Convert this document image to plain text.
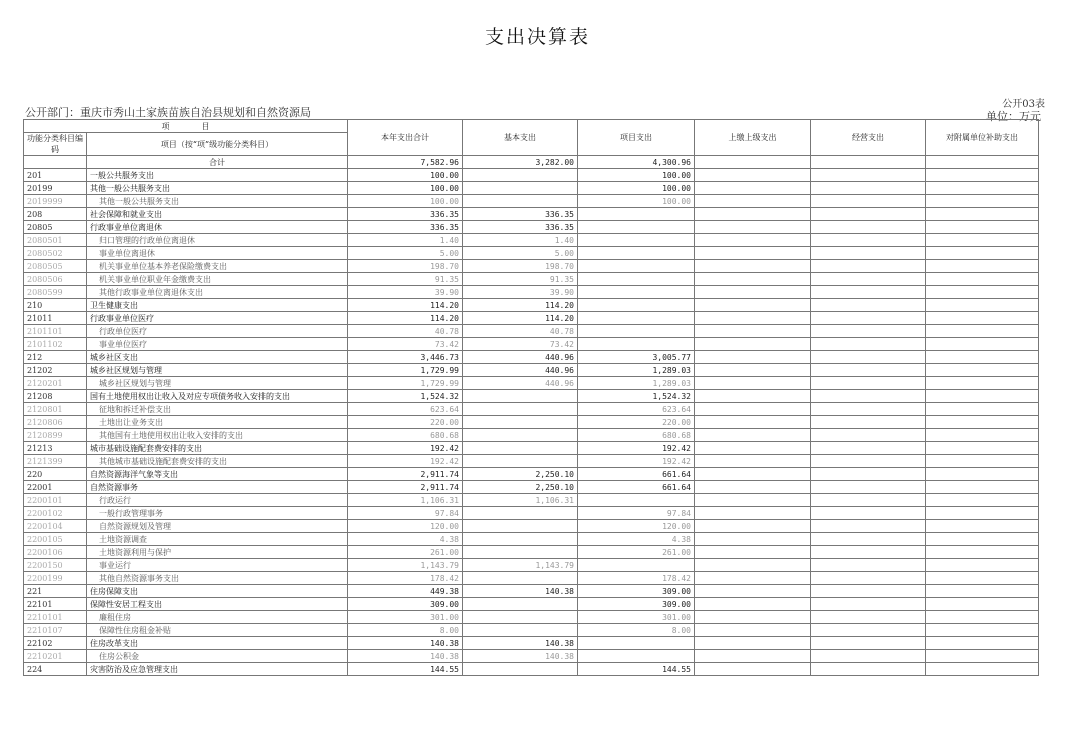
支出决算表
公开部门：重庆市秀山土家族苗族自治县规划和自然资源局
公开03表
单位：万元
项　　　　目		本年支出合计	基本支出	项目支出	上缴上级支出	经营支出	对附属单位补助支出
功能分类科目编码	项目（按“项”级功能分类科目）						
	合计	7,582.96	3,282.00	4,300.96			
201	一般公共服务支出	100.00		100.00			
20199	其他一般公共服务支出	100.00		100.00			
2019999	其他一般公共服务支出	100.00		100.00			
208	社会保障和就业支出	336.35	336.35				
20805	行政事业单位离退休	336.35	336.35				
2080501	归口管理的行政单位离退休	1.40	1.40				
2080502	事业单位离退休	5.00	5.00				
2080505	机关事业单位基本养老保险缴费支出	198.70	198.70				
2080506	机关事业单位职业年金缴费支出	91.35	91.35				
2080599	其他行政事业单位离退休支出	39.90	39.90				
210	卫生健康支出	114.20	114.20				
21011	行政事业单位医疗	114.20	114.20				
2101101	行政单位医疗	40.78	40.78				
2101102	事业单位医疗	73.42	73.42				
212	城乡社区支出	3,446.73	440.96	3,005.77			
21202	城乡社区规划与管理	1,729.99	440.96	1,289.03			
2120201	城乡社区规划与管理	1,729.99	440.96	1,289.03			
21208	国有土地使用权出让收入及对应专项债务收入安排的支出	1,524.32		1,524.32			
2120801	征地和拆迁补偿支出	623.64		623.64			
2120806	土地出让业务支出	220.00		220.00			
2120899	其他国有土地使用权出让收入安排的支出	680.68		680.68			
21213	城市基础设施配套费安排的支出	192.42		192.42			
2121399	其他城市基础设施配套费安排的支出	192.42		192.42			
220	自然资源海洋气象等支出	2,911.74	2,250.10	661.64			
22001	自然资源事务	2,911.74	2,250.10	661.64			
2200101	行政运行	1,106.31	1,106.31				
2200102	一般行政管理事务	97.84		97.84			
2200104	自然资源规划及管理	120.00		120.00			
2200105	土地资源调查	4.38		4.38			
2200106	土地资源利用与保护	261.00		261.00			
2200150	事业运行	1,143.79	1,143.79				
2200199	其他自然资源事务支出	178.42		178.42			
221	住房保障支出	449.38	140.38	309.00			
22101	保障性安居工程支出	309.00		309.00			
2210101	廉租住房	301.00		301.00			
2210107	保障性住房租金补贴	8.00		8.00			
22102	住房改革支出	140.38	140.38				
2210201	住房公积金	140.38	140.38				
224	灾害防治及应急管理支出	144.55		144.55			
